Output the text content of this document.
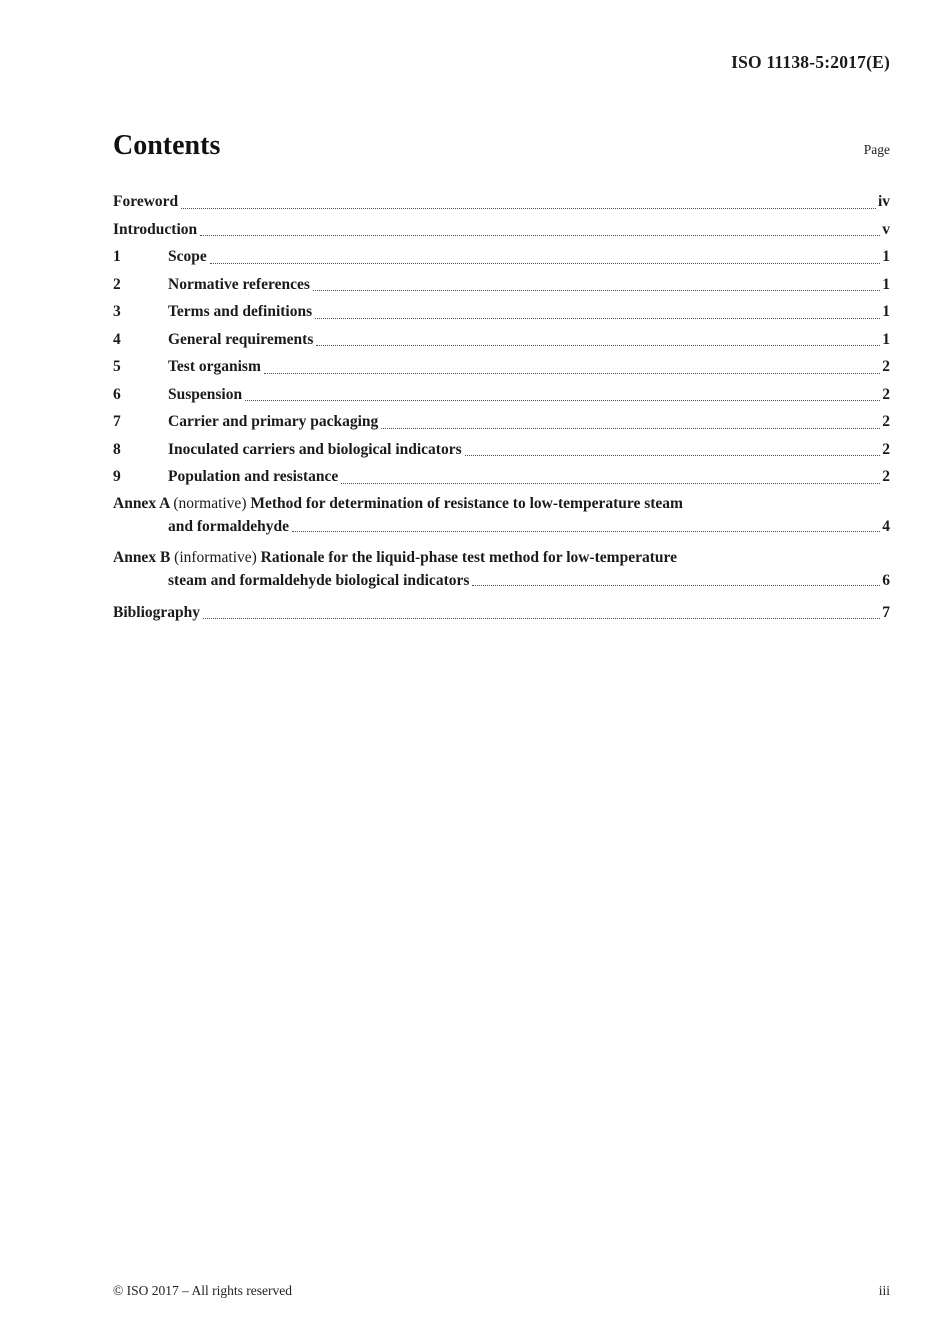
ISO 11138-5:2017(E)
Contents	Page
Foreword	iv
Introduction	v
1	Scope	1
2	Normative references	1
3	Terms and definitions	1
4	General requirements	1
5	Test organism	2
6	Suspension	2
7	Carrier and primary packaging	2
8	Inoculated carriers and biological indicators	2
9	Population and resistance	2
Annex A (normative) Method for determination of resistance to low-temperature steam
and formaldehyde	4
Annex B (informative) Rationale for the liquid-phase test method for low-temperature
steam and formaldehyde biological indicators	6
Bibliography	7
© ISO 2017 – All rights reserved	iii
